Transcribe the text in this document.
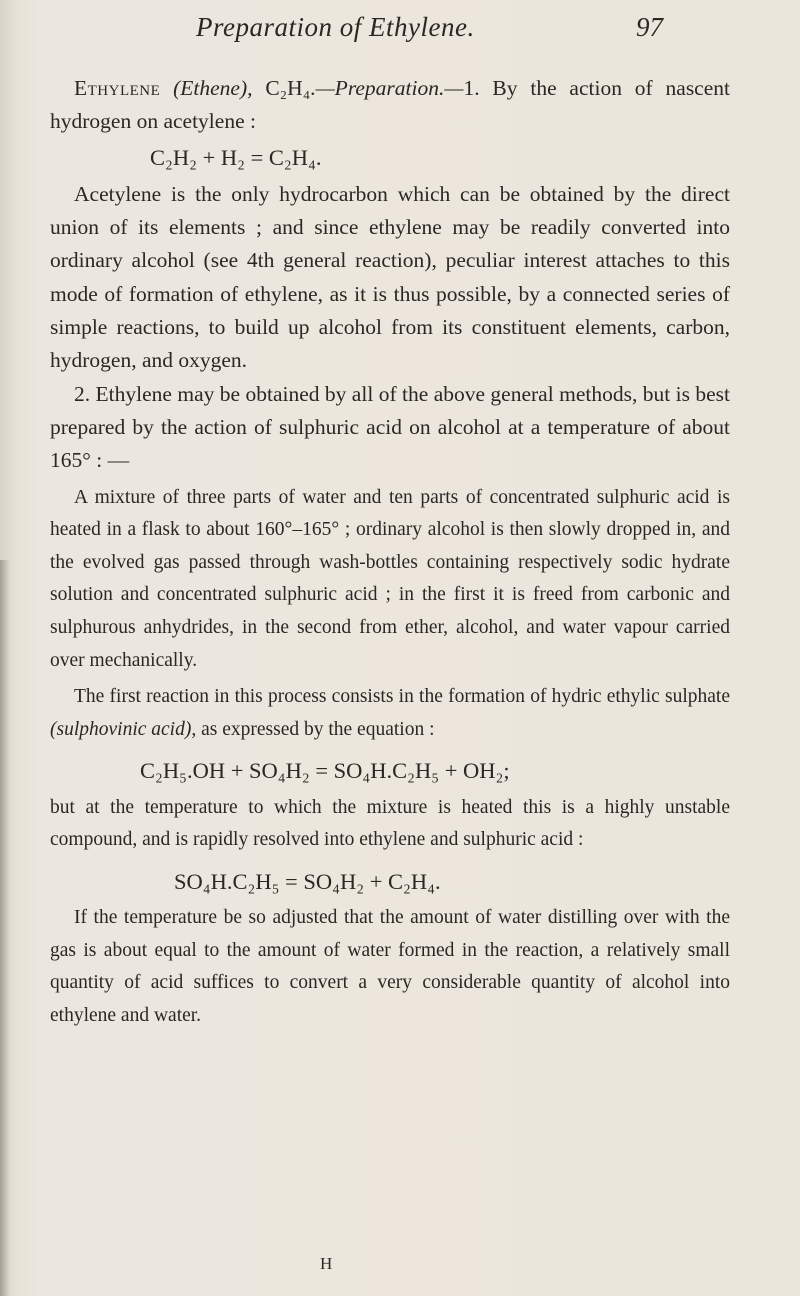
Preparation of Ethylene.	97

Ethylene (Ethene), C₂H₄.—Preparation.—1. By the action of nascent hydrogen on acetylene :

C₂H₂ + H₂ = C₂H₄.

Acetylene is the only hydrocarbon which can be obtained by the direct union of its elements ; and since ethylene may be readily converted into ordinary alcohol (see 4th general reaction), peculiar interest attaches to this mode of formation of ethylene, as it is thus possible, by a connected series of simple reactions, to build up alcohol from its constituent elements, carbon, hydrogen, and oxygen.

2. Ethylene may be obtained by all of the above general methods, but is best prepared by the action of sulphuric acid on alcohol at a temperature of about 165° : —

A mixture of three parts of water and ten parts of concentrated sulphuric acid is heated in a flask to about 160°–165° ; ordinary alcohol is then slowly dropped in, and the evolved gas passed through wash-bottles containing respectively sodic hydrate solution and concentrated sulphuric acid ; in the first it is freed from carbonic and sulphurous anhydrides, in the second from ether, alcohol, and water vapour carried over mechanically.

The first reaction in this process consists in the formation of hydric ethylic sulphate (sulphovinic acid), as expressed by the equation :

C₂H₅.OH + SO₄H₂ = SO₄H.C₂H₅ + OH₂;

but at the temperature to which the mixture is heated this is a highly unstable compound, and is rapidly resolved into ethylene and sulphuric acid :

SO₄H.C₂H₅ = SO₄H₂ + C₂H₄.

If the temperature be so adjusted that the amount of water distilling over with the gas is about equal to the amount of water formed in the reaction, a relatively small quantity of acid suffices to convert a very considerable quantity of alcohol into ethylene and water.

H
